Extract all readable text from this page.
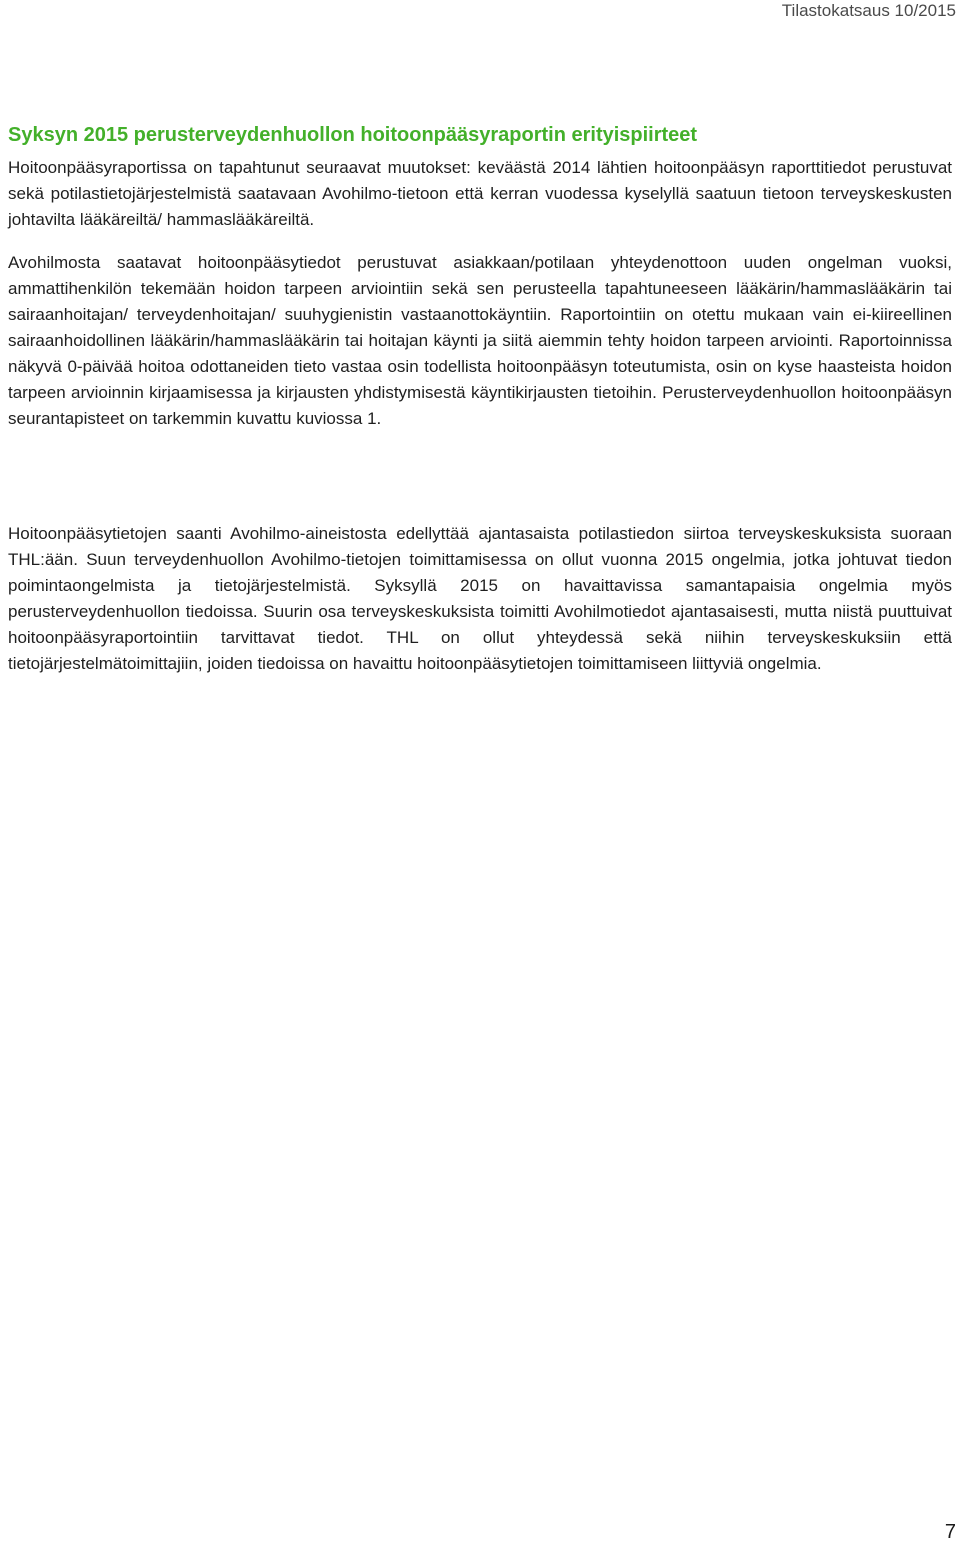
Tilastokatsaus 10/2015
Syksyn 2015 perusterveydenhuollon hoitoonpääsyraportin erityispiirteet

Hoitoonpääsyraportissa on tapahtunut seuraavat muutokset: keväästä 2014 lähtien hoitoonpääsyn raporttitiedot perustuvat sekä potilastietojärjestelmistä saatavaan Avohilmo-tietoon että kerran vuodessa kyselyllä saatuun tietoon terveyskeskusten johtavilta lääkäreiltä/ hammaslääkäreiltä.

Avohilmosta saatavat hoitoonpääsytiedot perustuvat asiakkaan/potilaan yhteydenottoon uuden ongelman vuoksi, ammattihenkilön tekemään hoidon tarpeen arviointiin sekä sen perusteella tapahtuneeseen lääkärin/hammaslääkärin tai sairaanhoitajan/ terveydenhoitajan/ suuhygienistin vastaanottokäyntiin. Raportointiin on otettu mukaan vain ei-kiireellinen sairaanhoidollinen lääkärin/hammaslääkärin tai hoitajan käynti ja siitä aiemmin tehty hoidon tarpeen arviointi. Raportoinnissa näkyvä 0-päivää hoitoa odottaneiden tieto vastaa osin todellista hoitoonpääsyn toteutumista, osin on kyse haasteista hoidon tarpeen arvioinnin kirjaamisessa ja kirjausten yhdistymisestä käyntikirjausten tietoihin. Perusterveydenhuollon hoitoonpääsyn seurantapisteet on tarkemmin kuvattu kuviossa 1.

Hoitoonpääsytietojen saanti Avohilmo-aineistosta edellyttää ajantasaista potilastiedon siirtoa terveyskeskuksista suoraan THL:ään. Suun terveydenhuollon Avohilmo-tietojen toimittamisessa on ollut vuonna 2015 ongelmia, jotka johtuvat tiedon poimintaongelmista ja tietojärjestelmistä. Syksyllä 2015 on havaittavissa samantapaisia ongelmia myös perusterveydenhuollon tiedoissa. Suurin osa terveyskeskuksista toimitti Avohilmotiedot ajantasaisesti, mutta niistä puuttuivat hoitoonpääsyraportointiin tarvittavat tiedot. THL on ollut yhteydessä sekä niihin terveyskeskuksiin että tietojärjestelmätoimittajiin, joiden tiedoissa on havaittu hoitoonpääsytietojen toimittamiseen liittyviä ongelmia.

7
